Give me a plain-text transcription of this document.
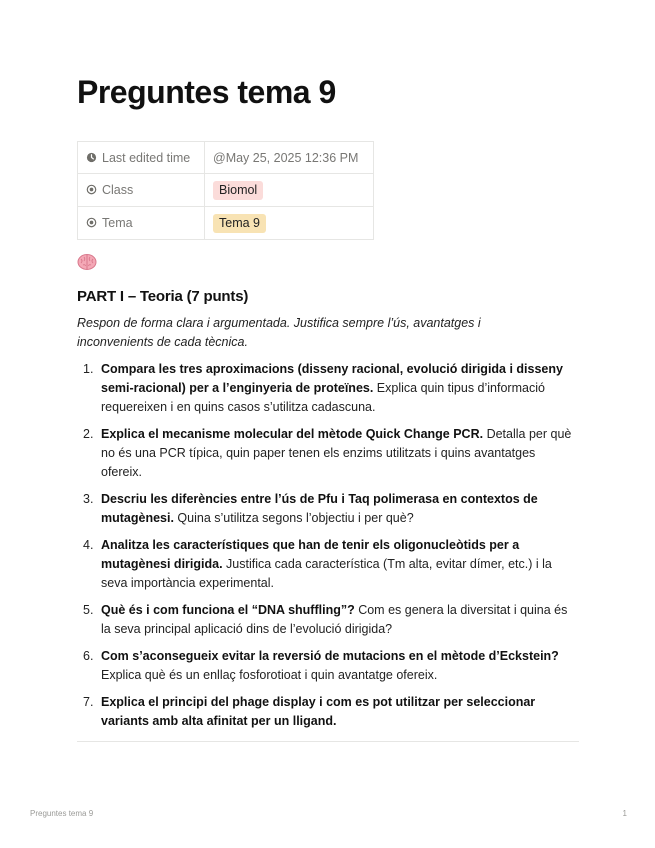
Preguntes tema 9
Last edited time	@May 25, 2025 12:36 PM
Class	Biomol
Tema	Tema 9
PART I – Teoria (7 punts)

Respon de forma clara i argumentada. Justifica sempre l’ús, avantatges i inconvenients de cada tècnica.

1. Compara les tres aproximacions (disseny racional, evolució dirigida i disseny semi-racional) per a l’enginyeria de proteïnes. Explica quin tipus d’informació requereixen i en quins casos s’utilitza cadascuna.
2. Explica el mecanisme molecular del mètode Quick Change PCR. Detalla per què no és una PCR típica, quin paper tenen els enzims utilitzats i quins avantatges ofereix.
3. Descriu les diferències entre l’ús de Pfu i Taq polimerasa en contextos de mutagènesi. Quina s’utilitza segons l’objectiu i per què?
4. Analitza les característiques que han de tenir els oligonucleòtids per a mutagènesi dirigida. Justifica cada característica (Tm alta, evitar dímer, etc.) i la seva importància experimental.
5. Què és i com funciona el “DNA shuffling”? Com es genera la diversitat i quina és la seva principal aplicació dins de l’evolució dirigida?
6. Com s’aconsegueix evitar la reversió de mutacions en el mètode d’Eckstein? Explica què és un enllaç fosforotioat i quin avantatge ofereix.
7. Explica el principi del phage display i com es pot utilitzar per seleccionar variants amb alta afinitat per un lligand.
Preguntes tema 9	1
